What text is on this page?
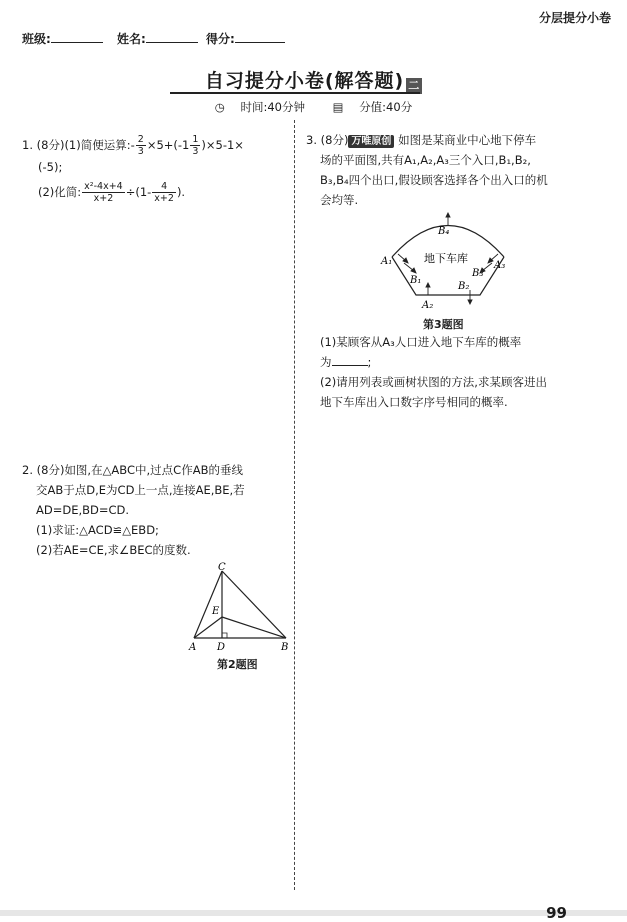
分层提分小卷
班级:	姓名:	得分:
自习提分小卷(解答题) 二
◷ 时间:40分钟 ▤ 分值:40分

1. (8分)(1)简便运算:- $\frac{2}{3} \times 5+(-1 \frac{1}{3} )\times 5-1\times$

(-5);

(2)化简: $\frac{\text{x²-4x+4}}{x+2} \div(1- \frac{4}{x+2}$ ).

2. (8分)如图,在△ABC中,过点C作AB的垂线

交AB于点D,E为CD上一点,连接AE,BE,若

AD=DE,BD=CD.

(1)求证:△ACD≌△EBD;

(2)若AE=CE,求∠BEC的度数.

C
E
A D	B
第2题图

3. (8分) 万唯原创 如图是某商业中心地下停车

场的平面图,共有A₁,A₂,A₃三个入口,B₁,B₂,

B₃,B₄四个出口,假设顾客选择各个出入口的机

会均等.

地下车库
B₄
A₁
B₁
A₃
B₃
A₂
B₂
第3题图

(1)某顾客从A₃人口进入地下车库的概率

为	;

(2)请用列表或画树状图的方法,求某顾客进出

地下车库出入口数字序号相同的概率.

99
